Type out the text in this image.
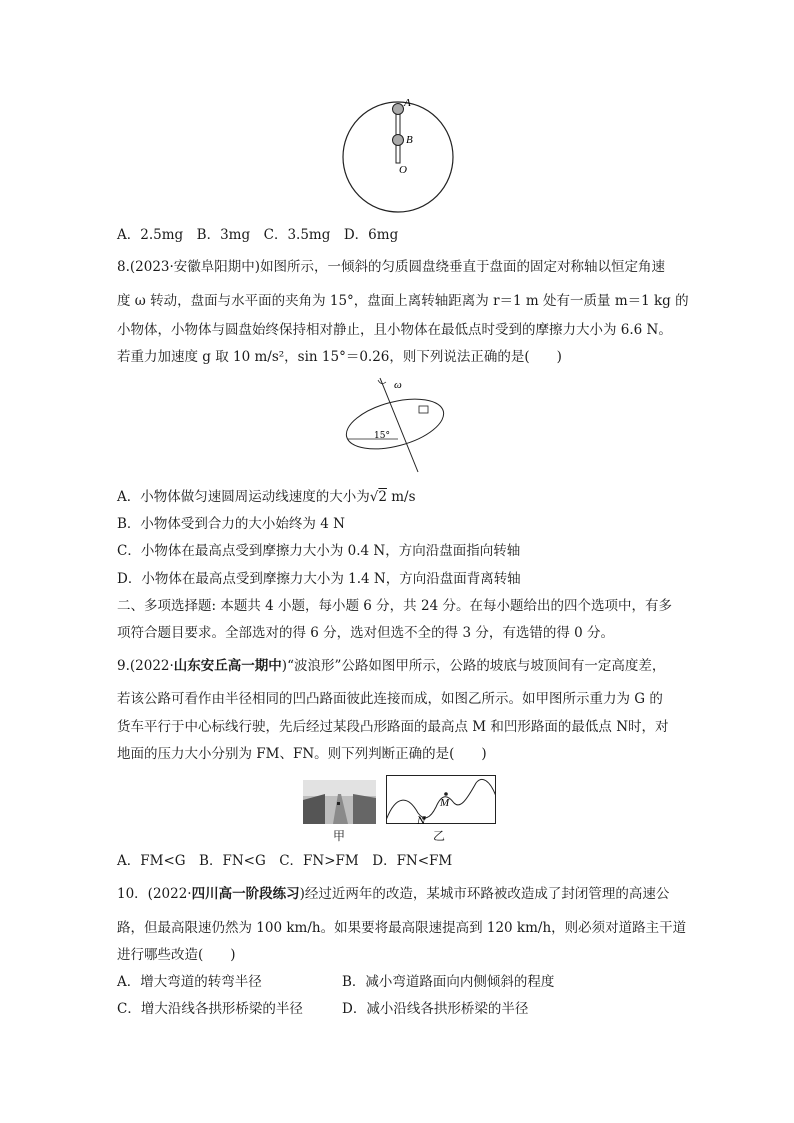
A
B
O
A．2.5mg　B．3mg　C．3.5mg　D．6mg
8.(2023·安徽阜阳期中)如图所示，一倾斜的匀质圆盘绕垂直于盘面的固定对称轴以恒定角速
度 ω 转动，盘面与水平面的夹角为 15°，盘面上离转轴距离为 r＝1 m 处有一质量 m＝1 kg 的
小物体，小物体与圆盘始终保持相对静止，且小物体在最低点时受到的摩擦力大小为 6.6 N。
若重力加速度 g 取 10 m/s²，sin 15°＝0.26，则下列说法正确的是(　　)
ω
15°
A．小物体做匀速圆周运动线速度的大小为√2 m/s
B．小物体受到合力的大小始终为 4 N
C．小物体在最高点受到摩擦力大小为 0.4 N，方向沿盘面指向转轴
D．小物体在最高点受到摩擦力大小为 1.4 N，方向沿盘面背离转轴
二、多项选择题: 本题共 4 小题，每小题 6 分，共 24 分。在每小题给出的四个选项中，有多
项符合题目要求。全部选对的得 6 分，选对但选不全的得 3 分，有选错的得 0 分。
9.(2022·山东安丘高一期中)“波浪形”公路如图甲所示，公路的坡底与坡顶间有一定高度差，
若该公路可看作由半径相同的凹凸路面彼此连接而成，如图乙所示。如甲图所示重力为 G 的
货车平行于中心标线行驶，先后经过某段凸形路面的最高点 M 和凹形路面的最低点 N时，对
地面的压力大小分别为 FM、FN。则下列判断正确的是(　　)
甲
M
N
乙
A．FM<G　B．FN<G　C．FN>FM　D．FN<FM
10．(2022·四川高一阶段练习)经过近两年的改造，某城市环路被改造成了封闭管理的高速公
路，但最高限速仍然为 100 km/h。如果要将最高限速提高到 120 km/h，则必须对道路主干道
进行哪些改造(　　)
A．增大弯道的转弯半径	B．减小弯道路面向内侧倾斜的程度
C．增大沿线各拱形桥梁的半径	D．减小沿线各拱形桥梁的半径
